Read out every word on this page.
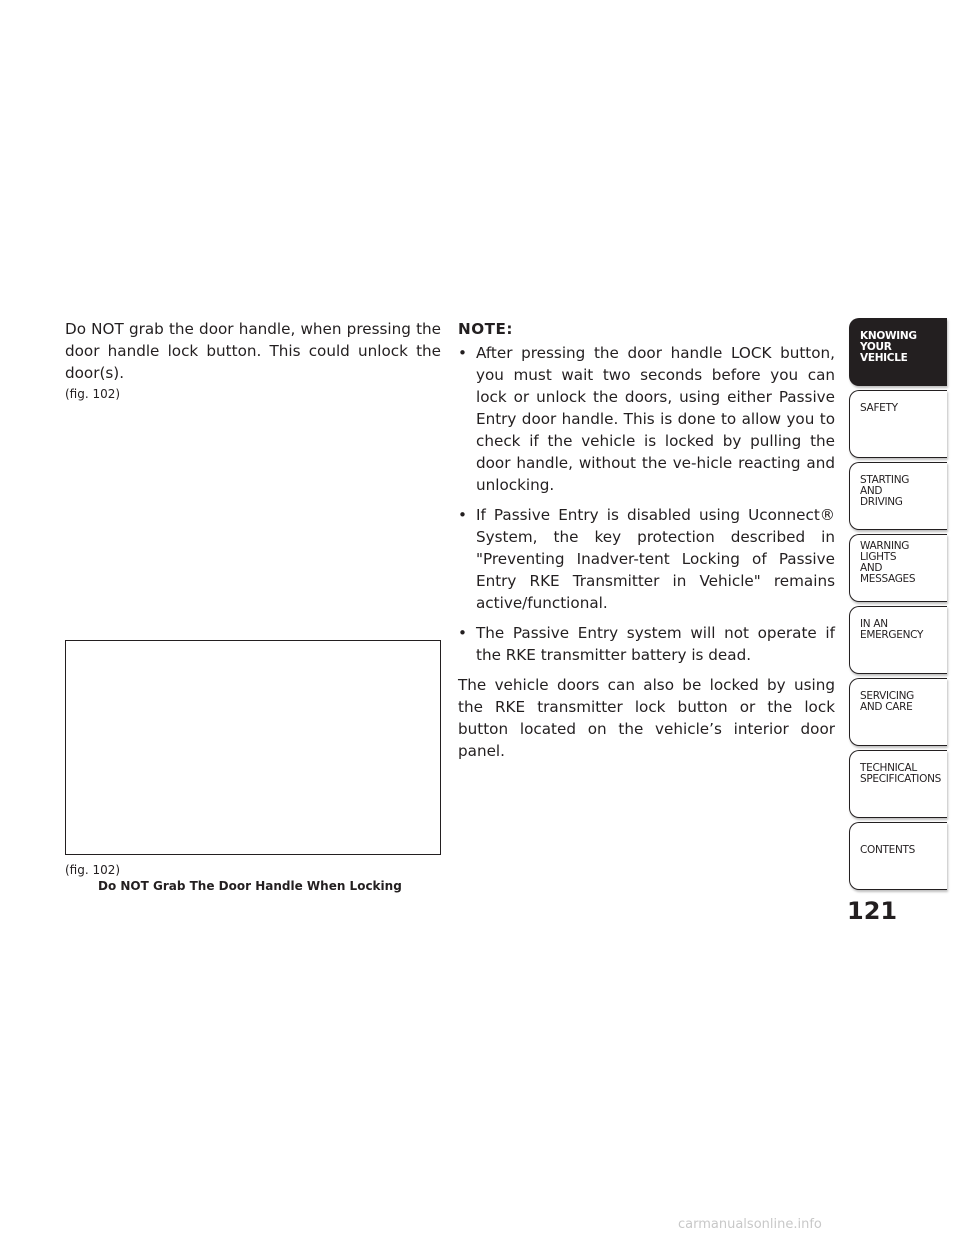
Do NOT grab the door handle, when pressing the door handle lock button. This could unlock the door(s).

(fig. 102)

(fig. 102)
Do NOT Grab The Door Handle When Locking

NOTE:

• After pressing the door handle LOCK button, you must wait two seconds before you can lock or unlock the doors, using either Passive Entry door handle. This is done to allow you to check if the vehicle is locked by pulling the door handle, without the ve-hicle reacting and unlocking.
• If Passive Entry is disabled using Uconnect® System, the key protection described in "Preventing Inadver-tent Locking of Passive Entry RKE Transmitter in Vehicle" remains active/functional.
• The Passive Entry system will not operate if the RKE transmitter battery is dead.

The vehicle doors can also be locked by using the RKE transmitter lock button or the lock button located on the vehicle’s interior door panel.

KNOWING
YOUR
VEHICLE
SAFETY
STARTING
AND
DRIVING
WARNING
LIGHTS
AND
MESSAGES
IN AN
EMERGENCY
SERVICING
AND CARE
TECHNICAL
SPECIFICATIONS
CONTENTS
121
carmanualsonline.info
